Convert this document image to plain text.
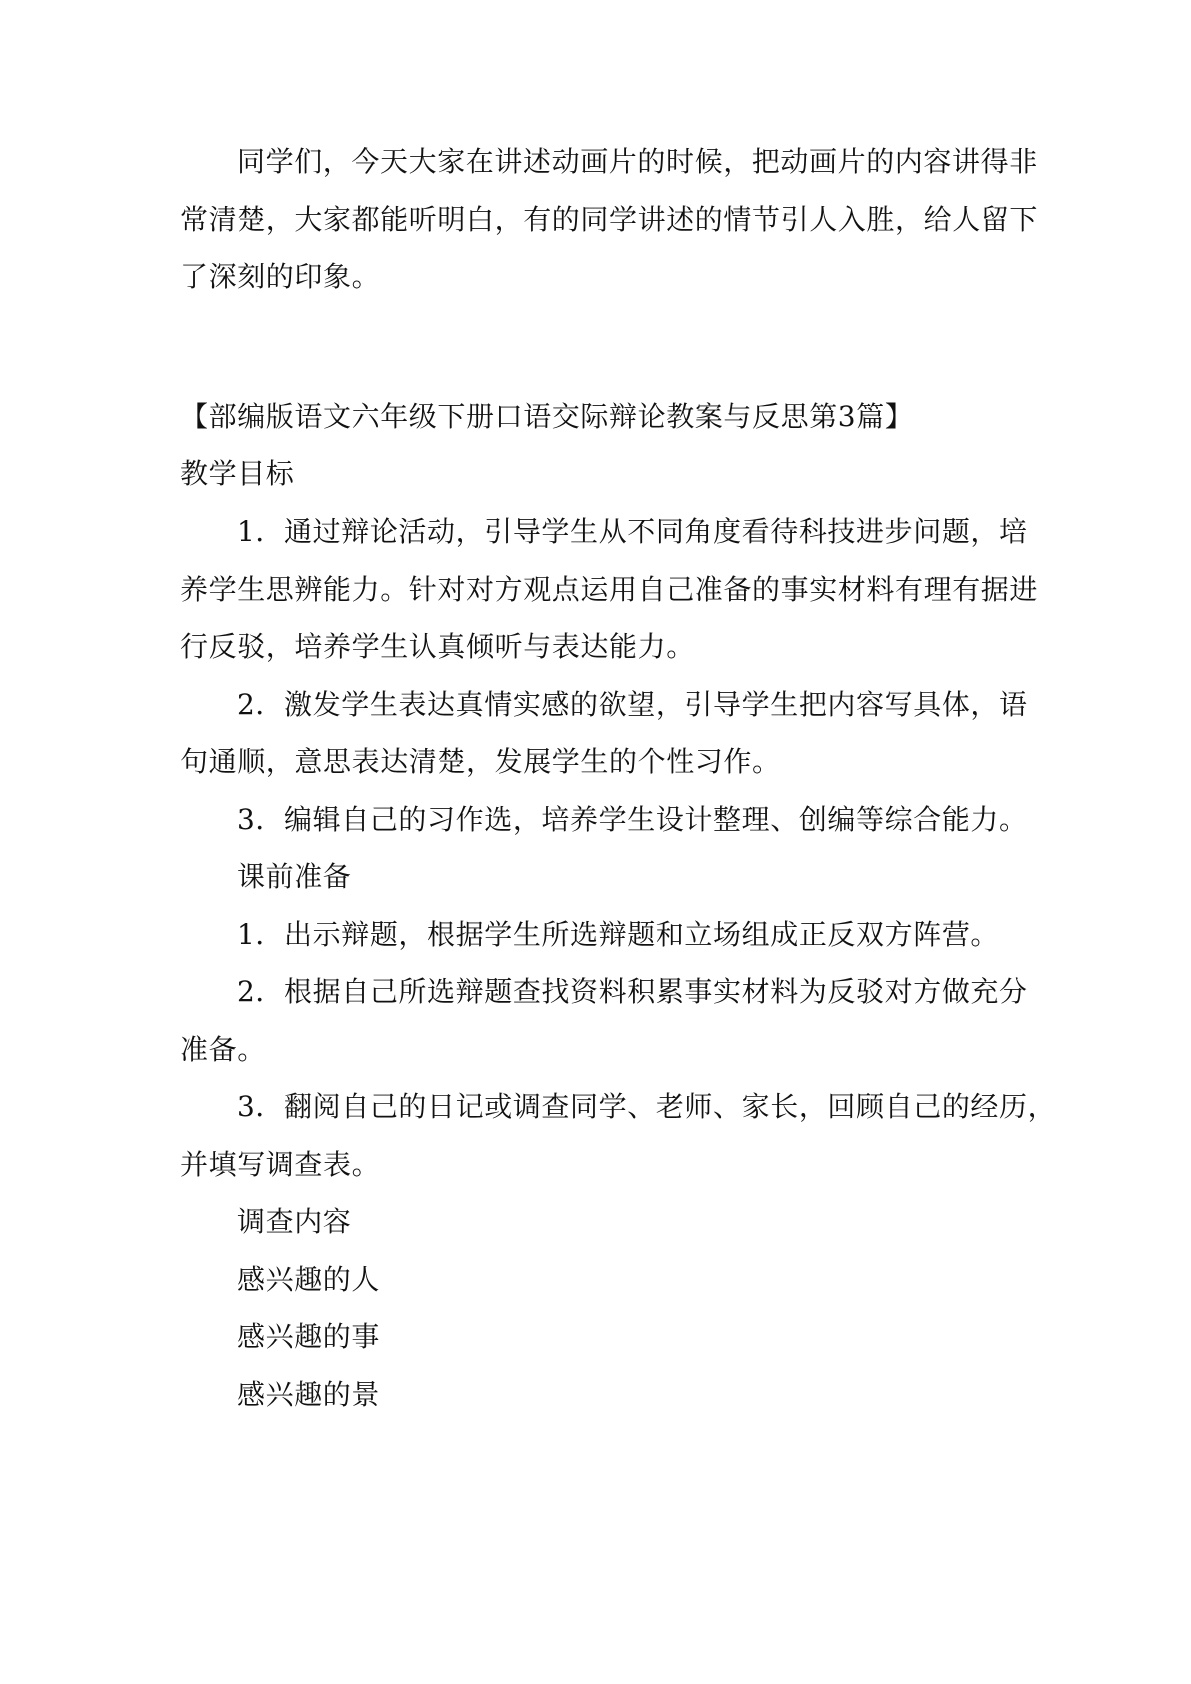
同学们，今天大家在讲述动画片的时候，把动画片的内容讲得非
常清楚，大家都能听明白，有的同学讲述的情节引人入胜，给人留下
了深刻的印象。
【部编版语文六年级下册口语交际辩论教案与反思第3篇】
教学目标
1．通过辩论活动，引导学生从不同角度看待科技进步问题，培
养学生思辨能力。针对对方观点运用自己准备的事实材料有理有据进
行反驳，培养学生认真倾听与表达能力。
2．激发学生表达真情实感的欲望，引导学生把内容写具体，语
句通顺，意思表达清楚，发展学生的个性习作。
3．编辑自己的习作选，培养学生设计整理、创编等综合能力。
课前准备
1．出示辩题，根据学生所选辩题和立场组成正反双方阵营。
2．根据自己所选辩题查找资料积累事实材料为反驳对方做充分
准备。
3．翻阅自己的日记或调查同学、老师、家长，回顾自己的经历，
并填写调查表。
调查内容
感兴趣的人
感兴趣的事
感兴趣的景
